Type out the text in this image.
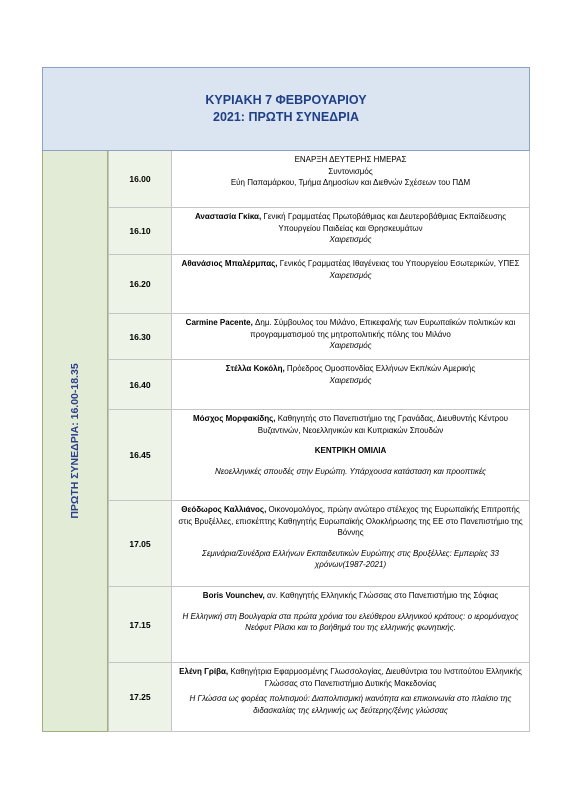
ΚΥΡΙΑΚΗ 7 ΦΕΒΡΟΥΑΡΙΟΥ
2021: ΠΡΩΤΗ ΣΥΝΕΔΡΙΑ
ΠΡΩΤΗ ΣΥΝΕΔΡΙΑ: 16.00-18.35
16.00

ΕΝΑΡΞΗ ΔΕΥΤΕΡΗΣ ΗΜΕΡΑΣ

Συντονισμός

Εύη Παπαμάρκου, Τμήμα Δημοσίων και Διεθνών Σχέσεων του ΠΔΜ

16.10

Αναστασία Γκίκα, Γενική Γραμματέας Πρωτοβάθμιας και Δευτεροβάθμιας Εκπαίδευσης Υπουργείου Παιδείας και Θρησκευμάτων

Χαιρετισμός

16.20

Αθανάσιος Μπαλέρμπας, Γενικός Γραμματέας Ιθαγένειας του Υπουργείου Εσωτερικών, ΥΠΕΣ

Χαιρετισμός

16.30

Carmine Pacente, Δημ. Σύμβουλος του Μιλάνο, Επικεφαλής των Ευρωπαϊκών πολιτικών και προγραμματισμού της μητροπολιτικής πόλης του Μιλάνο

Χαιρετισμός

16.40

Στέλλα Κοκόλη, Πρόεδρος Ομοσπονδίας Ελλήνων Εκπ/κών Αμερικής

Χαιρετισμός

16.45

Μόσχος Μορφακίδης, Καθηγητής στο Πανεπιστήμιο της Γρανάδας, Διευθυντής Κέντρου Βυζαντινών, Νεοελληνικών και Κυπριακών Σπουδών

ΚΕΝΤΡΙΚΗ ΟΜΙΛΙΑ

Νεοελληνικές σπουδές στην Ευρώπη. Υπάρχουσα κατάσταση και προοπτικές

17.05

Θεόδωρος Καλλιάνος, Οικονομολόγος, πρώην ανώτερο στέλεχος της Ευρωπαϊκής Επιτροπής στις Βρυξέλλες, επισκέπτης Καθηγητής Ευρωπαϊκής Ολοκλήρωσης της ΕΕ στο Πανεπιστήμιο της Βόννης

Σεμινάρια/Συνέδρια Ελλήνων Εκπαιδευτικών Ευρώπης στις Βρυξέλλες: Εμπειρίες 33 χρόνων(1987-2021)

17.15

Boris Vounchev, αν. Καθηγητής Ελληνικής Γλώσσας στο Πανεπιστήμιο της Σόφιας

Η Ελληνική στη Βουλγαρία στα πρώτα χρόνια του ελεύθερου ελληνικού κράτους: ο ιερομόναχος Νεόφυτ Ρίλσκι και το βοήθημά του της ελληνικής φωνητικής.

17.25

Ελένη Γρίβα, Καθηγήτρια Εφαρμοσμένης Γλωσσολογίας, Διευθύντρια του Ινστιτούτου Ελληνικής Γλώσσας στο Πανεπιστήμιο Δυτικής Μακεδονίας

Η Γλώσσα ως φορέας πολιτισμού: Διαπολιτισμική ικανότητα και επικοινωνία στο πλαίσιο της διδασκαλίας της ελληνικής ως δεύτερης/ξένης γλώσσας
